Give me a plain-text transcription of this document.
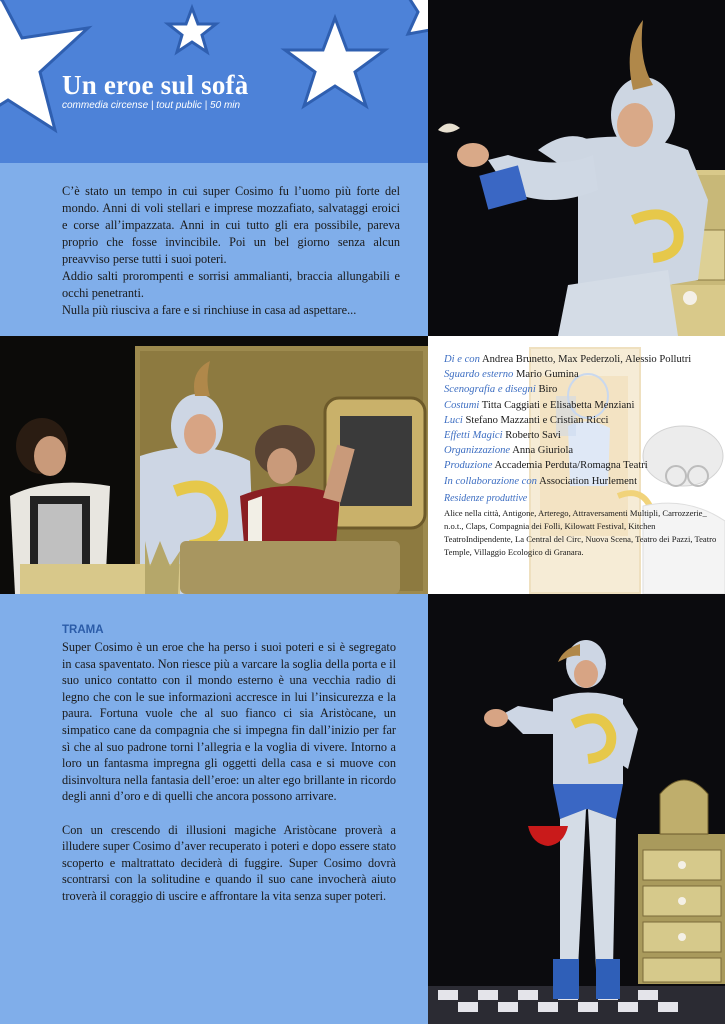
Un eroe sul sofà
commedia circense | tout public | 50 min

C’è stato un tempo in cui super Cosimo fu l’uomo più forte del mondo. Anni di voli stellari e imprese mozzafiato, salvataggi eroici e corse all’impazzata. Anni in cui tutto gli era possibile, pareva proprio che fosse invincibile. Poi un bel giorno senza alcun preavviso perse tutti i suoi poteri.

Addio salti prorompenti e sorrisi ammalianti, braccia allungabili e occhi penetranti.

Nulla più riusciva a fare e si rinchiuse in casa ad aspettare...

Di e con Andrea Brunetto, Max Pederzoli, Alessio Pollutri
Sguardo esterno Mario Gumina
Scenografia e disegni Biro
Costumi Titta Caggiati e Elisabetta Menziani
Luci Stefano Mazzanti e Cristian Ricci
Effetti Magici Roberto Savi
Organizzazione Anna Giuriola
Produzione Accademia Perduta/Romagna Teatri
In collaborazione con Association Hurlement
Residenze produttive
Alice nella città, Antigone, Arterego, Attraversamenti Multipli, Carrozzerie_ n.o.t., Claps, Compagnia dei Folli, Kilowatt Festival, Kitchen TeatroIndipendente, La Central del Circ, Nuova Scena, Teatro dei Pazzi, Teatro Temple, Villaggio Ecologico di Granara.
TRAMA

Super Cosimo è un eroe che ha perso i suoi poteri e si è segregato in casa spaventato. Non riesce più a varcare la soglia della porta e il suo unico contatto con il mondo esterno è una vecchia radio di legno che con le sue informazioni accresce in lui l’insicurezza e la paura. Fortuna vuole che al suo fianco ci sia Aristòcane, un simpatico cane da compagnia che si impegna fin dall’inizio per far sì che al suo padrone torni l’allegria e la voglia di vivere. Intorno a loro un fantasma impregna gli oggetti della casa e si muove con disinvoltura nella fantasia dell’eroe: un alter ego brillante in ricordo degli anni d’oro e di quelli che ancora possono arrivare.

Con un crescendo di illusioni magiche Aristòcane proverà a illudere super Cosimo d’aver recuperato i poteri e dopo essere stato scoperto e maltrattato deciderà di fuggire. Super Cosimo dovrà scontrarsi con la solitudine e quando il suo cane invocherà aiuto troverà il coraggio di uscire e affrontare la vita senza super poteri.
